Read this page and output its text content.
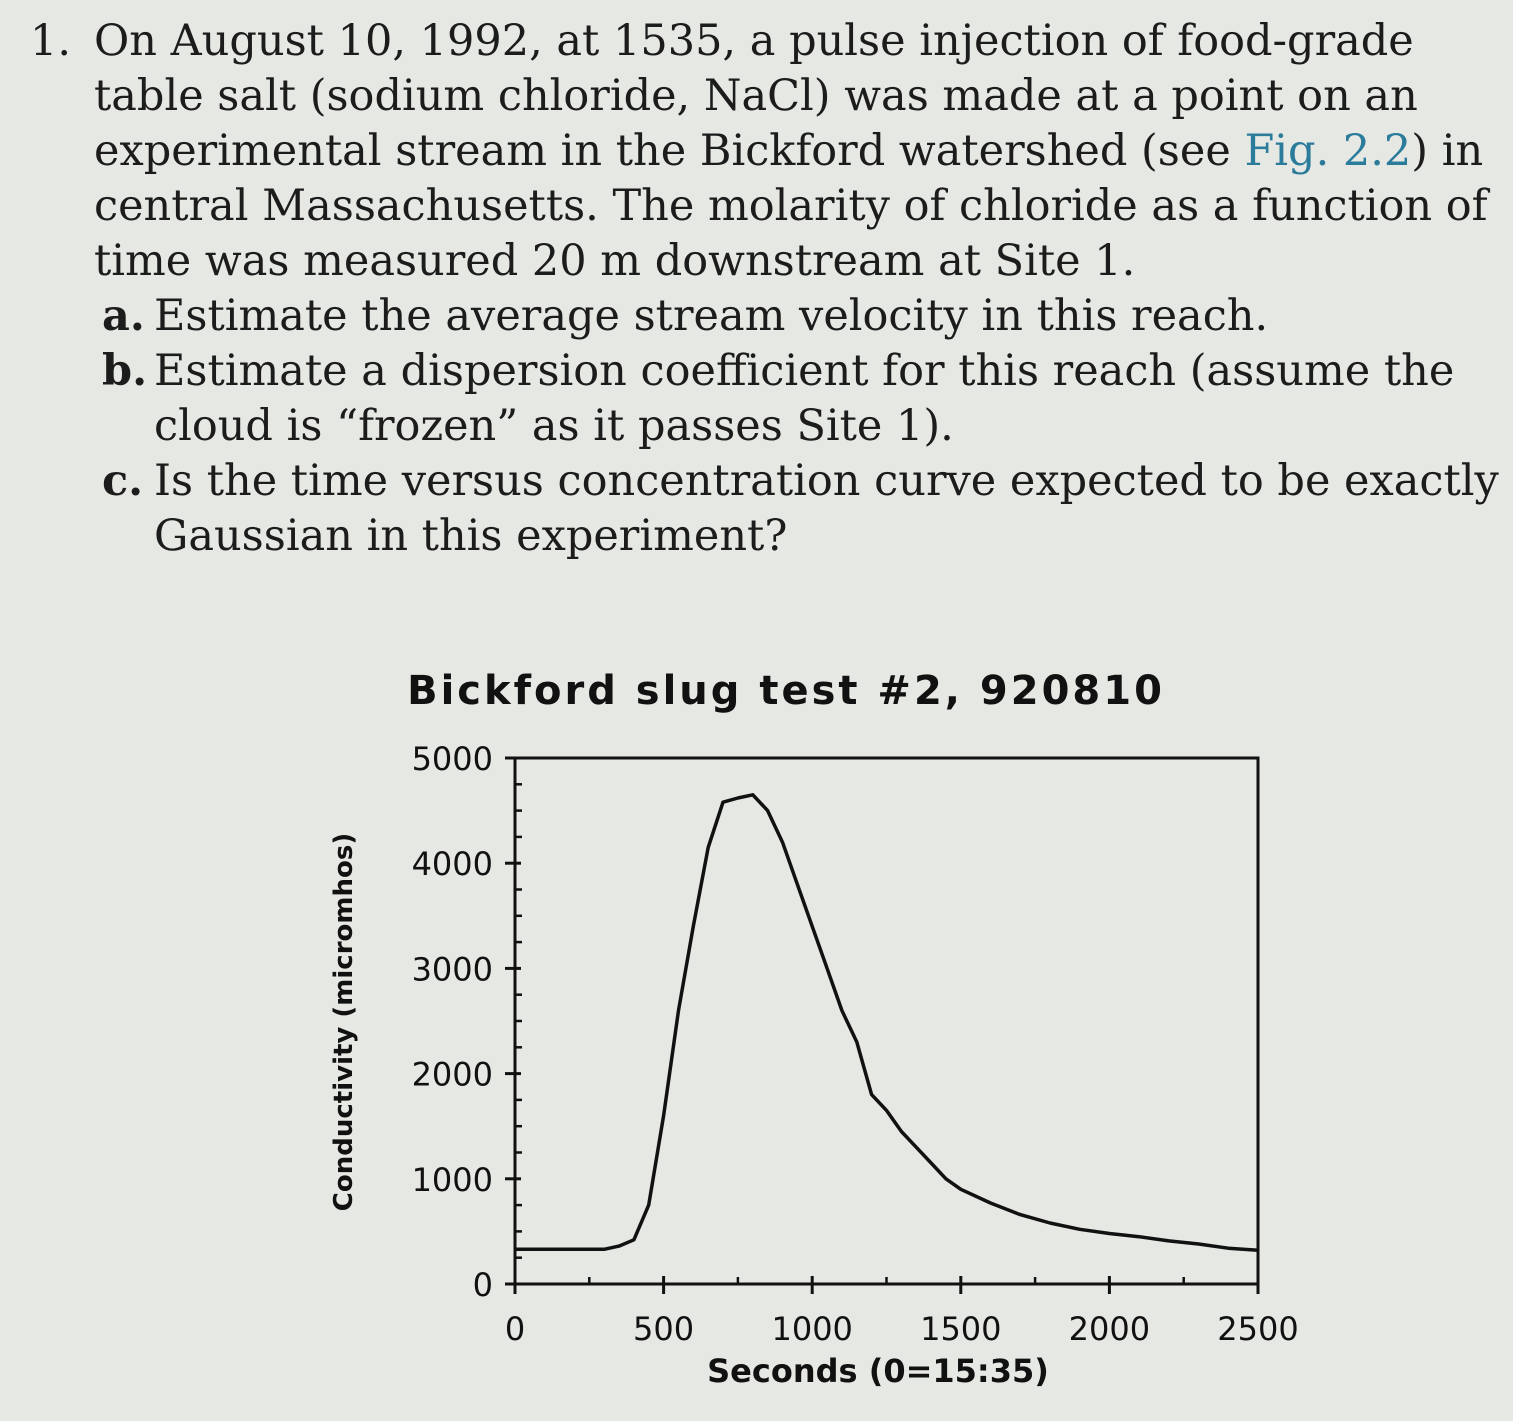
1. On August 10, 1992, at 1535, a pulse injection of food-grade table salt (sodium chloride, NaCl) was made at a point on an experimental stream in the Bickford watershed (see Fig. 2.2) in central Massachusetts. The molarity of chloride as a function of time was measured 20 m downstream at Site 1.
a. Estimate the average stream velocity in this reach.
b. Estimate a dispersion coefficient for this reach (assume the cloud is “frozen” as it passes Site 1).
c. Is the time versus concentration curve expected to be exactly Gaussian in this experiment?
Bickford slug test #2, 920810
Conductivity (micromhos)
Seconds (0=15:35)
0
1000
2000
3000
4000
5000
0	500 1000 1500 2000 2500
